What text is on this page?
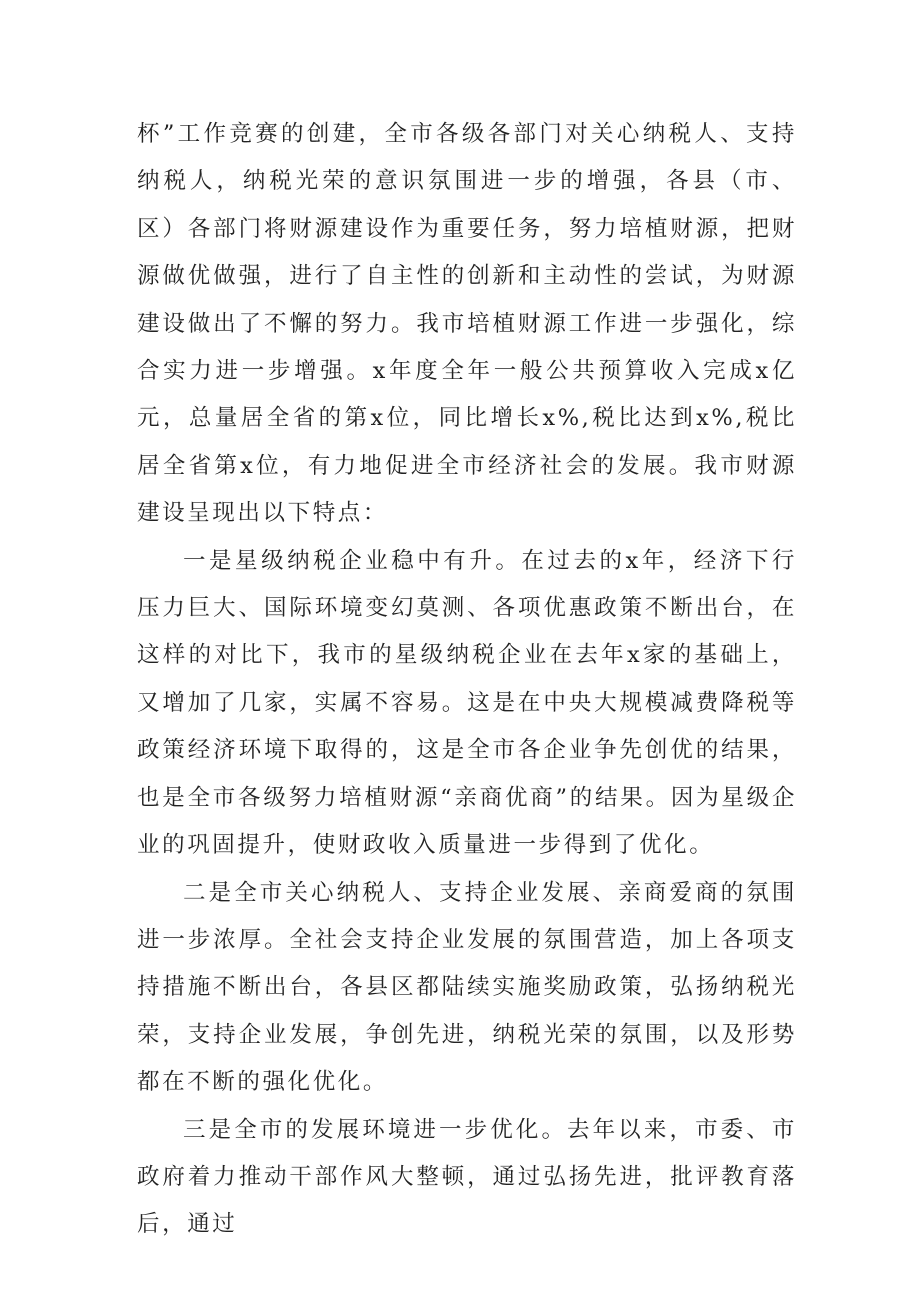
杯”工作竞赛的创建，全市各级各部门对关心纳税人、支持纳税人，纳税光荣的意识氛围进一步的增强，各县（市、区）各部门将财源建设作为重要任务，努力培植财源，把财源做优做强，进行了自主性的创新和主动性的尝试，为财源建设做出了不懈的努力。我市培植财源工作进一步强化，综合实力进一步增强。x年度全年一般公共预算收入完成x亿元，总量居全省的第x位，同比增长x%,税比达到x%,税比居全省第x位，有力地促进全市经济社会的发展。我市财源建设呈现出以下特点：

一是星级纳税企业稳中有升。在过去的x年，经济下行压力巨大、国际环境变幻莫测、各项优惠政策不断出台，在这样的对比下，我市的星级纳税企业在去年x家的基础上，又增加了几家，实属不容易。这是在中央大规模减费降税等政策经济环境下取得的，这是全市各企业争先创优的结果，也是全市各级努力培植财源“亲商优商”的结果。因为星级企业的巩固提升，使财政收入质量进一步得到了优化。

二是全市关心纳税人、支持企业发展、亲商爱商的氛围进一步浓厚。全社会支持企业发展的氛围营造，加上各项支持措施不断出台，各县区都陆续实施奖励政策，弘扬纳税光荣，支持企业发展，争创先进，纳税光荣的氛围，以及形势都在不断的强化优化。

三是全市的发展环境进一步优化。去年以来，市委、市政府着力推动干部作风大整顿，通过弘扬先进，批评教育落后，通过
